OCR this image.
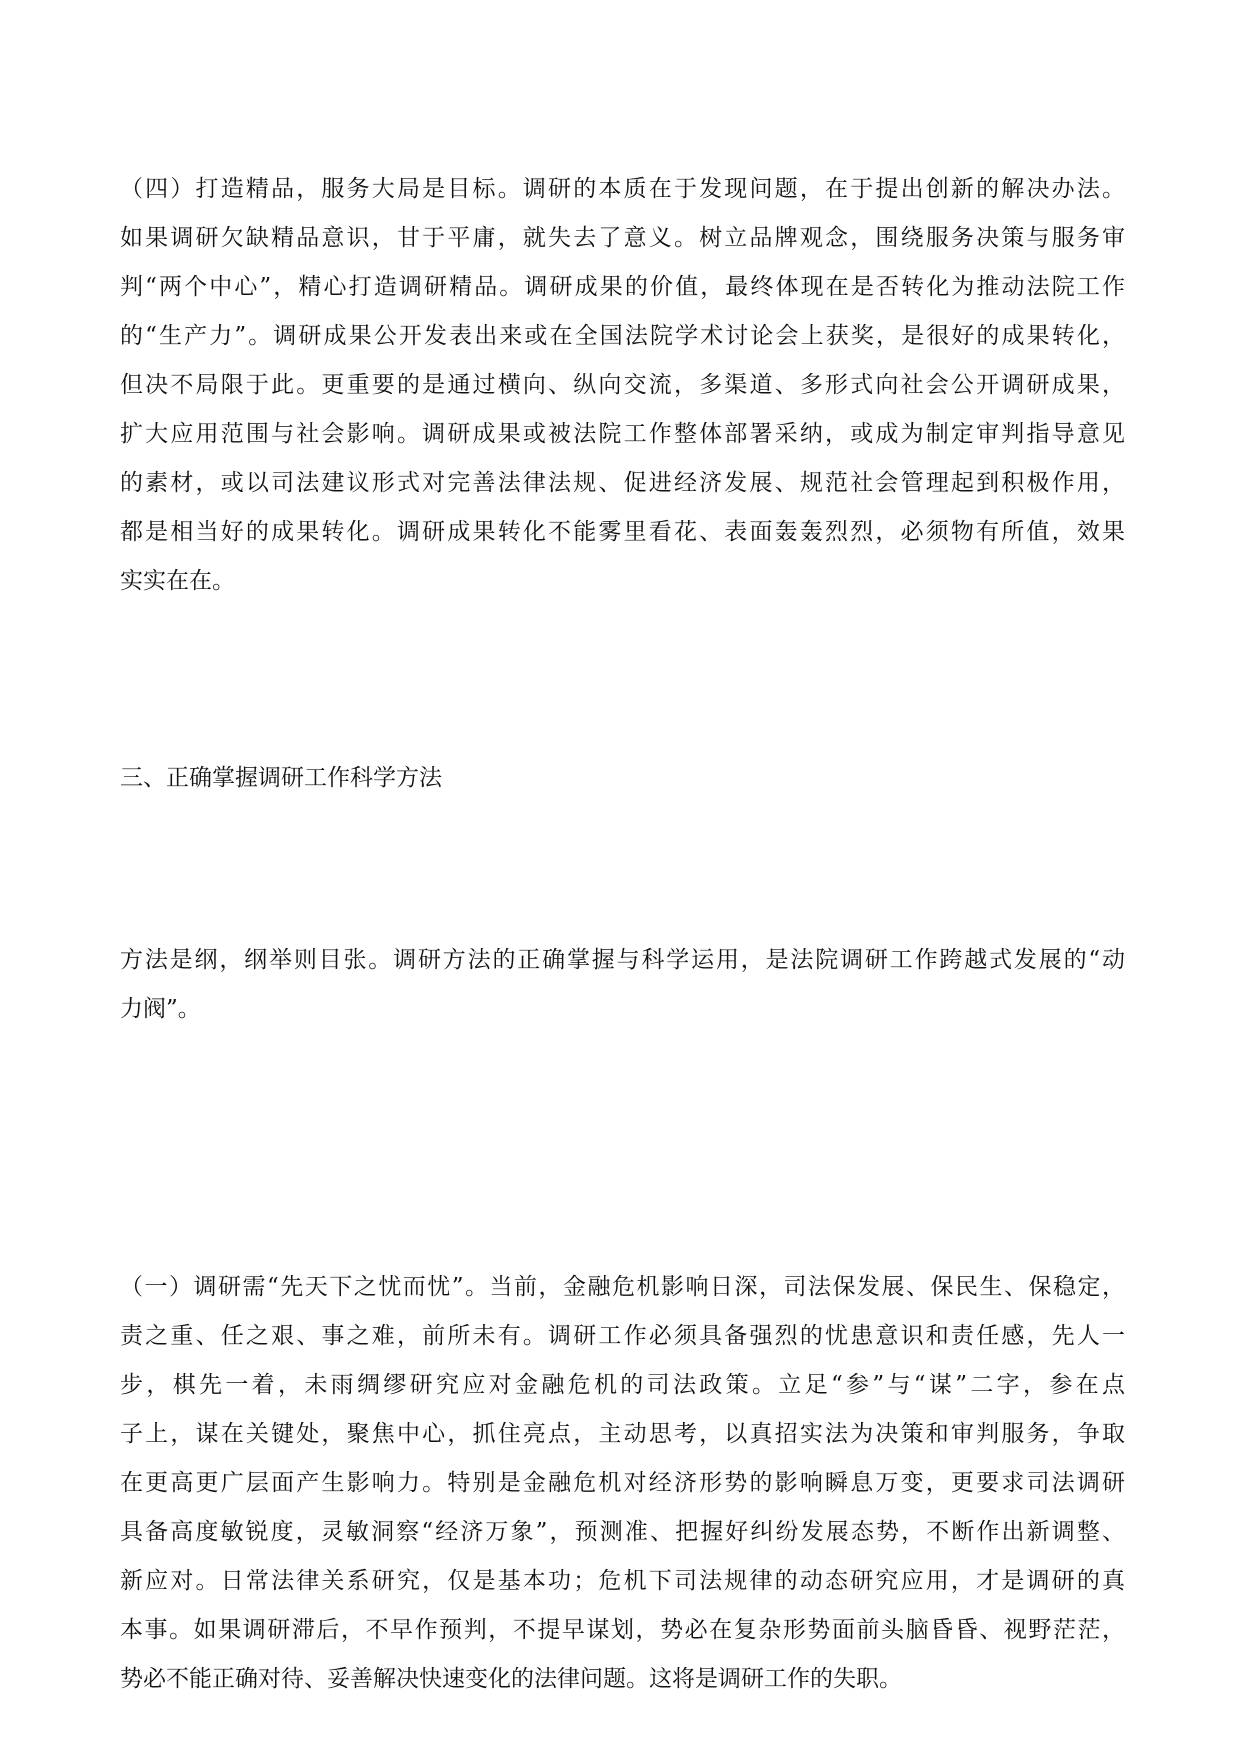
（四）打造精品，服务大局是目标。调研的本质在于发现问题，在于提出创新的解决办法。
如果调研欠缺精品意识，甘于平庸，就失去了意义。树立品牌观念，围绕服务决策与服务审
判“两个中心”，精心打造调研精品。调研成果的价值，最终体现在是否转化为推动法院工作
的“生产力”。调研成果公开发表出来或在全国法院学术讨论会上获奖，是很好的成果转化，
但决不局限于此。更重要的是通过横向、纵向交流，多渠道、多形式向社会公开调研成果，
扩大应用范围与社会影响。调研成果或被法院工作整体部署采纳，或成为制定审判指导意见
的素材，或以司法建议形式对完善法律法规、促进经济发展、规范社会管理起到积极作用，
都是相当好的成果转化。调研成果转化不能雾里看花、表面轰轰烈烈，必须物有所值，效果
实实在在。
三、正确掌握调研工作科学方法
方法是纲，纲举则目张。调研方法的正确掌握与科学运用，是法院调研工作跨越式发展的“动
力阀”。
（一）调研需“先天下之忧而忧”。当前，金融危机影响日深，司法保发展、保民生、保稳定，
责之重、任之艰、事之难，前所未有。调研工作必须具备强烈的忧患意识和责任感，先人一
步，棋先一着，未雨绸缪研究应对金融危机的司法政策。立足“参”与“谋”二字，参在点
子上，谋在关键处，聚焦中心，抓住亮点，主动思考，以真招实法为决策和审判服务，争取
在更高更广层面产生影响力。特别是金融危机对经济形势的影响瞬息万变，更要求司法调研
具备高度敏锐度，灵敏洞察“经济万象”，预测准、把握好纠纷发展态势，不断作出新调整、
新应对。日常法律关系研究，仅是基本功；危机下司法规律的动态研究应用，才是调研的真
本事。如果调研滞后，不早作预判，不提早谋划，势必在复杂形势面前头脑昏昏、视野茫茫，
势必不能正确对待、妥善解决快速变化的法律问题。这将是调研工作的失职。
